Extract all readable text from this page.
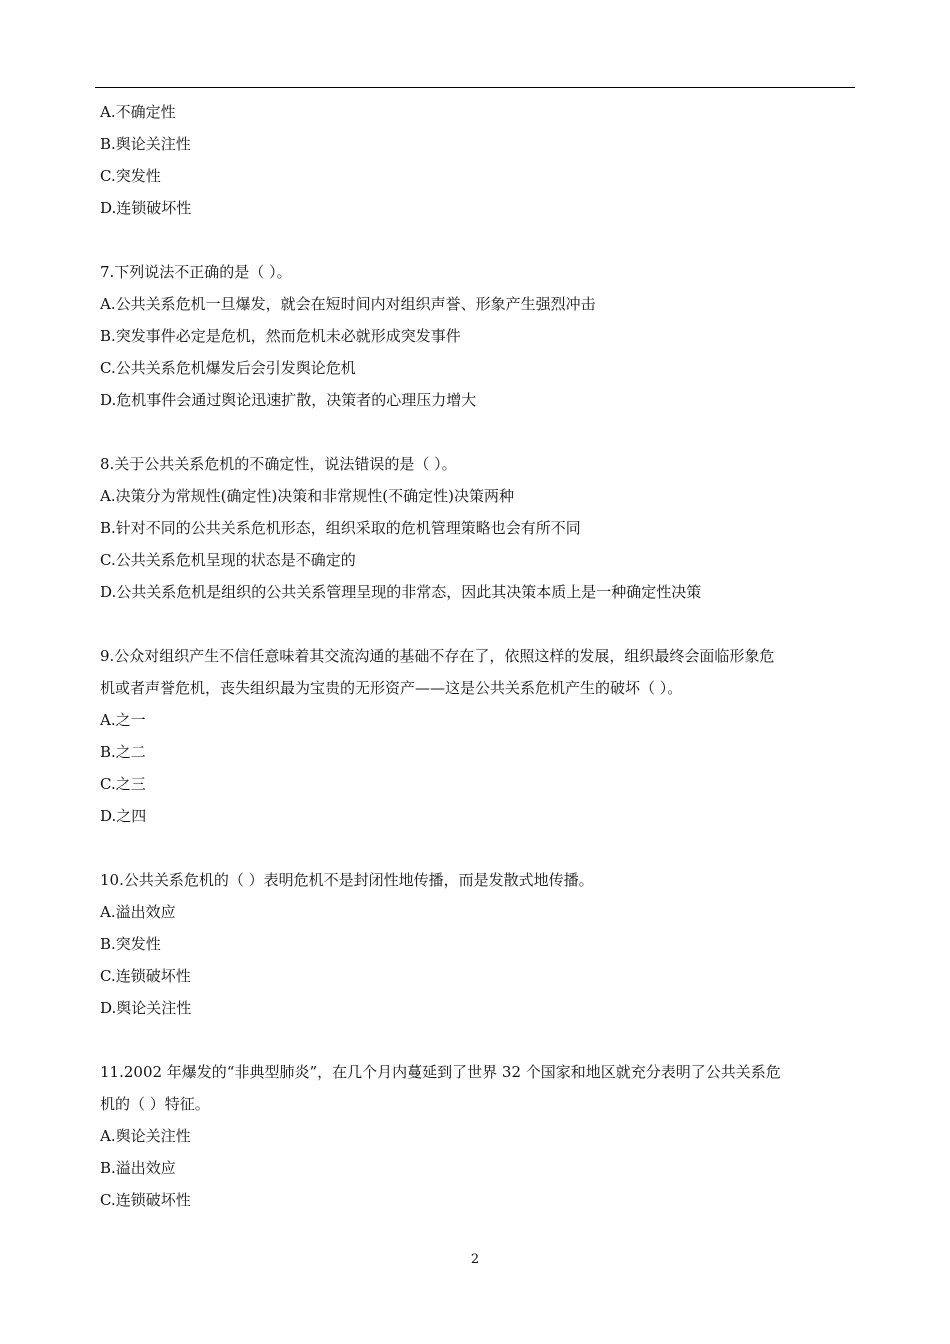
A.不确定性
B.舆论关注性
C.突发性
D.连锁破坏性
7.下列说法不正确的是（ ）。
A.公共关系危机一旦爆发，就会在短时间内对组织声誉、形象产生强烈冲击
B.突发事件必定是危机，然而危机未必就形成突发事件
C.公共关系危机爆发后会引发舆论危机
D.危机事件会通过舆论迅速扩散，决策者的心理压力增大
8.关于公共关系危机的不确定性，说法错误的是（ ）。
A.决策分为常规性(确定性)决策和非常规性(不确定性)决策两种
B.针对不同的公共关系危机形态，组织采取的危机管理策略也会有所不同
C.公共关系危机呈现的状态是不确定的
D.公共关系危机是组织的公共关系管理呈现的非常态，因此其决策本质上是一种确定性决策
9.公众对组织产生不信任意味着其交流沟通的基础不存在了，依照这样的发展，组织最终会面临形象危
机或者声誉危机，丧失组织最为宝贵的无形资产——这是公共关系危机产生的破坏（ ）。
A.之一
B.之二
C.之三
D.之四
10.公共关系危机的（ ）表明危机不是封闭性地传播，而是发散式地传播。
A.溢出效应
B.突发性
C.连锁破坏性
D.舆论关注性
11.2002 年爆发的“非典型肺炎”，在几个月内蔓延到了世界 32 个国家和地区就充分表明了公共关系危
机的（ ）特征。
A.舆论关注性
B.溢出效应
C.连锁破坏性
2
